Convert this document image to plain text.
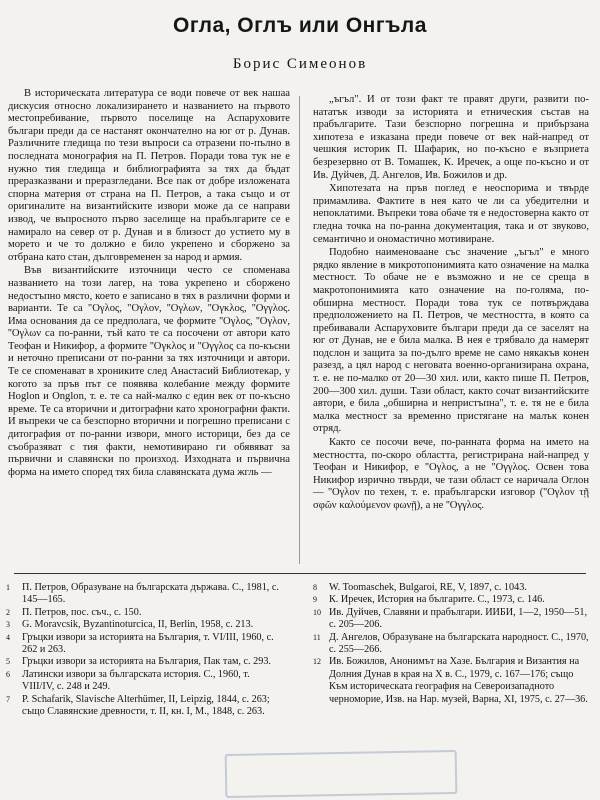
Огла, Оглъ или Онгъла
Борис Симеонов

В историческата литература се води повече от век нашаа дискусия относно локализирането и названието на първото местопребивание, първото поселище на Аспаруховите българи преди да се настанят окончателно на юг от р. Дунав. Различните гледища по тези въпроси са отразени по-пълно в последната монография на П. Петров. Поради това тук не е нужно тия гледища и библиографията за тях да бъдат преразказвани и преразгледани. Все пак от добре изложената спорна материя от страна на П. Петров, а така също и от оригиналите на византийските извори може да се направи извод, че въпросното първо заселище на прабългарите се е намирало на север от р. Дунав и в близост до устието му в морето и че то должно е било укрепено и сборжено за отбрана като стан, дълговременен за народ и армия.

Във византийските източници често се споменава названието на този лагер, на това укрепено и сборжено недостъпно място, което е записано в тях в различни форми и варианти. Те са "Ογλος, "Ογλον, ''Ογλων, ''Ογκλος, ''Ογγλος. Има основания да се предполага, че формите ''Ογλος, ''Ογλον, ''Ογλων са по-ранни, тъй като те са посочени от автори като Теофан и Никифор, а формите ''Ογκλος и ''Ογγλος са по-късни и неточно преписани от по-ранни за тях източници и автори. Те се споменават в хрониките след Анастасий Библиотекар, у когото за пръв път се появява колебание между формите Hoglon и Onglon, т. е. те са най-малко с един век от по-късно време. Те са вторични и дитографни като хронографни факти. И въпреки че са безспорно вторични и погрешно преписани с дитография от по-ранни извори, много историци, без да се съобразяват с тия факти, немотивирано ги обявяват за първични и славянски по произход. Изходната и първична форма на името според тях била славянската дума жгль —

„ъгъл". И от този факт те правят други, развити по-нататък изводи за историята и етническия състав на прабългарите. Тази безспорно погрешна и прибързана хипотеза е изказана преди повече от век най-напред от чешкия историк П. Шафарик, но по-късно е възприета безрезервно от В. Томашек, К. Иречек, а още по-късно и от Ив. Дуйчев, Д. Ангелов, Ив. Божилов и др.

Хипотезата на пръв поглед е неоспорима и твърде примамлива. Фактите в нея като че ли са убедителни и непоклатими. Въпреки това обаче тя е недостоверна както от гледна точка на по-ранна документация, така и от звуково, семантично и ономастично мотивиране.

Подобно наименоваане със значение „ъгъл" е много рядко явление в микротопонимията като означение на малка местност. То обаче не е възможно и не се среща в макротопонимията като означение на по-голяма, по-обширна местност. Поради това тук се потвърждава предположението на П. Петров, че местността, в която са пребивавали Аспаруховите българи преди да се заселят на юг от Дунав, не е била малка. В нея е трябвало да намерят подслон и защита за по-дълго време не само някакъв конен разезд, а цял народ с неговата военно-организирана охрана, т. е. не по-малко от 20—30 хил. или, както пише П. Петров, 200—300 хил. души. Тази област, както сочат византийските автори, е била „обширна и непристъпна", т. е. тя не е била малка местност за временно пристягане на малък конен отряд.

Както се посочи вече, по-ранната форма на името на местността, по-скоро областта, регистрирана най-напред у Теофан и Никифор, е ''Ογλος, а не ''Ογγλος. Освен това Никифор изрично твърди, че тази област се наричала Оглон — ''Ογλον по техен, т. е. прабългарски изговор (''Ογλον τῇ σφῶν καλούμενον φωνῇ), а не ''Ογγλος.

1	П. Петров, Образуване на българската държава. С., 1981, с. 145—165.
2	П. Петров, пос. съч., с. 150.
3	G. Moravcsik, Byzantinoturcica, II, Berlin, 1958, с. 213.
4	Гръцки извори за историята на България, т. VI/III, 1960, с. 262 и 263.
5	Гръцки извори за историята на България, Пак там, с. 293.
6	Латински извори за българската история. С., 1960, т. VIII/IV, с. 248 и 249.
7	P. Schafarik, Slavische Alterhümer, II, Leipzig, 1844, с. 263; също Славянские древности, т. II, кн. I, М., 1848, с. 263.
8	W. Toomaschek, Bulgaroi, RE, V, 1897, с. 1043.
9	К. Иречек, История на българите. С., 1973, с. 146.
10 Ив. Дуйчев, Славяни и прабългари. ИИБИ, 1—2, 1950—51, с. 205—206.
11 Д. Ангелов, Образуване на българската народност. С., 1970, с. 255—266.
12 Ив. Божилов, Анонимът на Хазе. България и Византия на Долния Дунав в края на Х в. С., 1979, с. 167—176; също Към историческата география на Североизападното черноморие, Изв. на Нар. музей, Варна, XI, 1975, с. 27—36.
